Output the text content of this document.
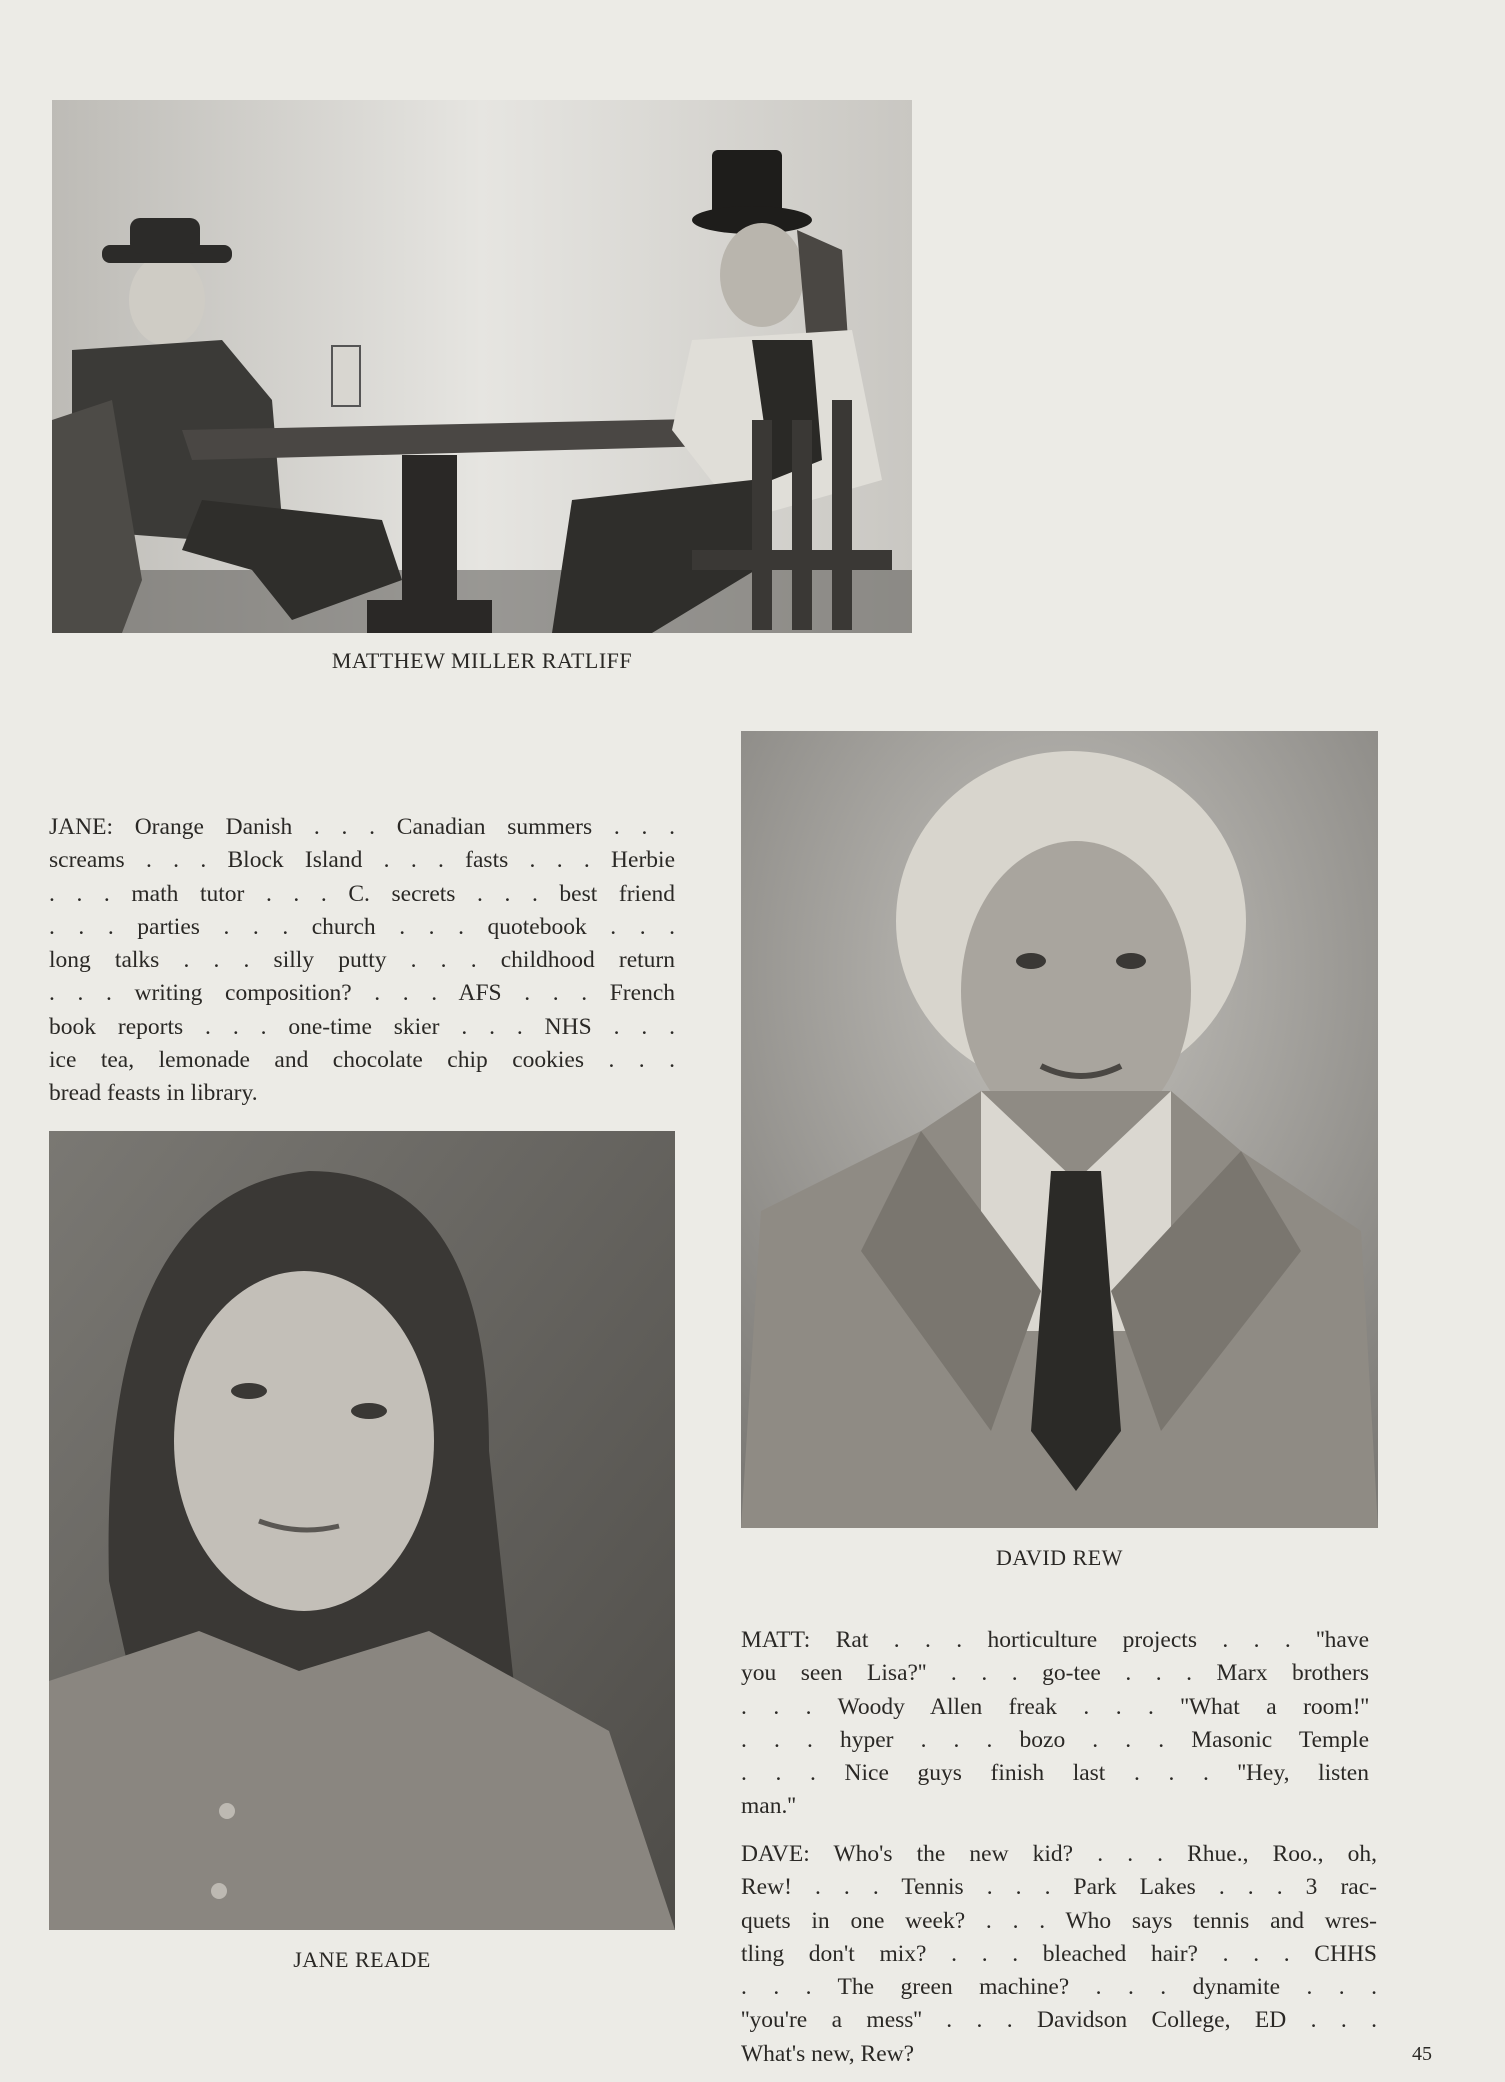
MATTHEW MILLER RATLIFF
JANE: Orange Danish . . . Canadian summers . . .
screams . . . Block Island . . . fasts . . . Herbie
. . . math tutor . . . C. secrets . . . best friend
. . . parties . . . church . . . quotebook . . .
long talks . . . silly putty . . . childhood return
. . . writing composition? . . . AFS . . . French
book reports . . . one-time skier . . . NHS . . .
ice tea, lemonade and chocolate chip cookies . . .
bread feasts in library.
DAVID REW
JANE READE
MATT: Rat . . . horticulture projects . . . ''have
you seen Lisa?'' . . . go-tee . . . Marx brothers
. . . Woody Allen freak . . . ''What a room!''
. . . hyper . . . bozo . . . Masonic Temple
. . . Nice guys finish last . . . ''Hey, listen
man.''
DAVE: Who's the new kid? . . . Rhue., Roo., oh,
Rew! . . . Tennis . . . Park Lakes . . . 3 rac-
quets in one week? . . . Who says tennis and wres-
tling don't mix? . . . bleached hair? . . . CHHS
. . . The green machine? . . . dynamite . . .
''you're a mess'' . . . Davidson College, ED . . .
What's new, Rew?	45
